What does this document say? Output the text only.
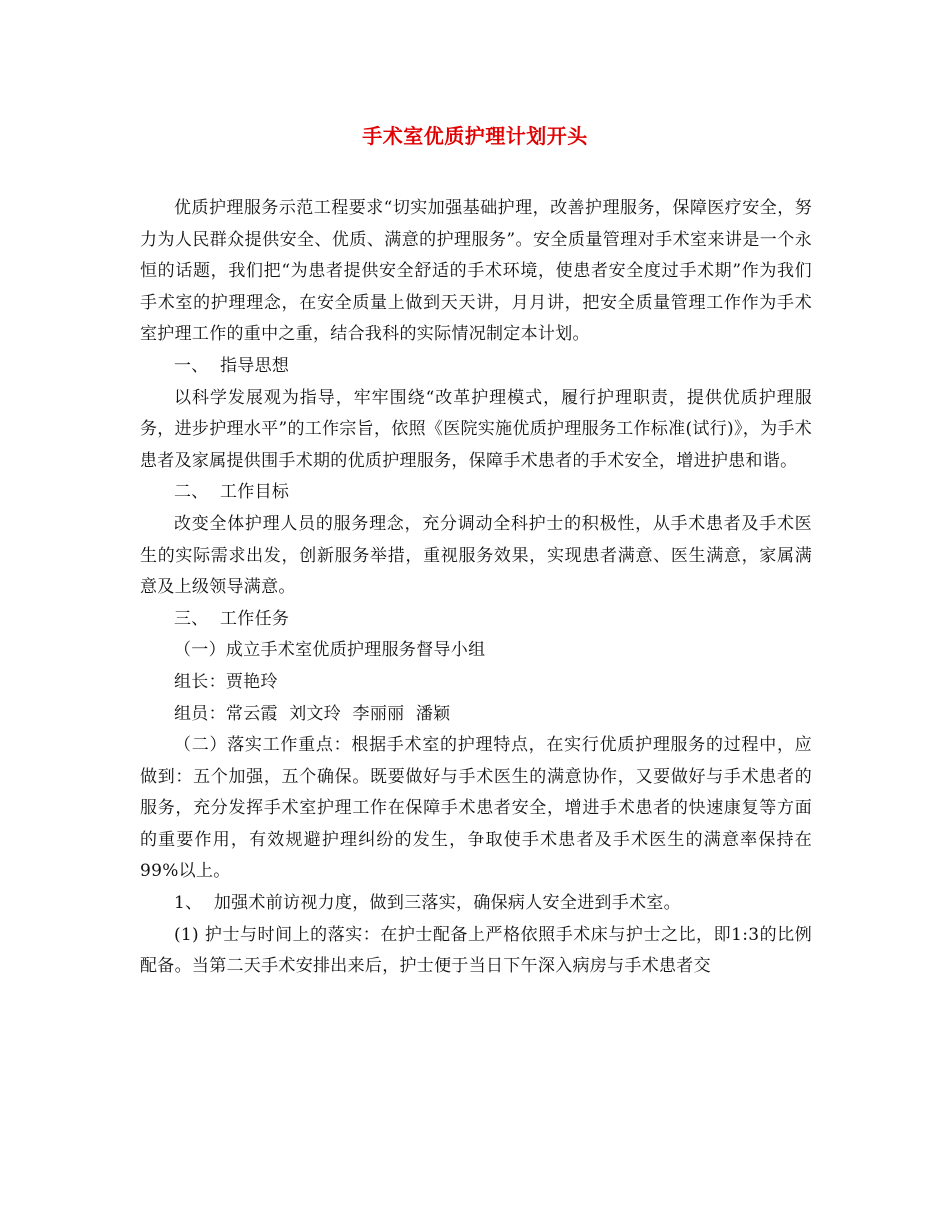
手术室优质护理计划开头

优质护理服务示范工程要求“切实加强基础护理，改善护理服务，保障医疗安全，努力为人民群众提供安全、优质、满意的护理服务”。安全质量管理对手术室来讲是一个永恒的话题，我们把“为患者提供安全舒适的手术环境，使患者安全度过手术期”作为我们手术室的护理理念，在安全质量上做到天天讲，月月讲，把安全质量管理工作作为手术室护理工作的重中之重，结合我科的实际情况制定本计划。

一、  指导思想

以科学发展观为指导，牢牢围绕“改革护理模式，履行护理职责，提供优质护理服务，进步护理水平”的工作宗旨，依照《医院实施优质护理服务工作标准(试行)》，为手术患者及家属提供围手术期的优质护理服务，保障手术患者的手术安全，增进护患和谐。

二、  工作目标

改变全体护理人员的服务理念，充分调动全科护士的积极性，从手术患者及手术医生的实际需求出发，创新服务举措，重视服务效果，实现患者满意、医生满意，家属满意及上级领导满意。

三、  工作任务

（一）成立手术室优质护理服务督导小组

组长：贾艳玲

组员：常云霞  刘文玲  李丽丽  潘颖

（二）落实工作重点：根据手术室的护理特点，在实行优质护理服务的过程中，应做到：五个加强，五个确保。既要做好与手术医生的满意协作，又要做好与手术患者的服务，充分发挥手术室护理工作在保障手术患者安全，增进手术患者的快速康复等方面的重要作用，有效规避护理纠纷的发生，争取使手术患者及手术医生的满意率保持在99%以上。

1、  加强术前访视力度，做到三落实，确保病人安全进到手术室。

(1) 护士与时间上的落实：在护士配备上严格依照手术床与护士之比，即1:3的比例配备。当第二天手术安排出来后，护士便于当日下午深入病房与手术患者交
